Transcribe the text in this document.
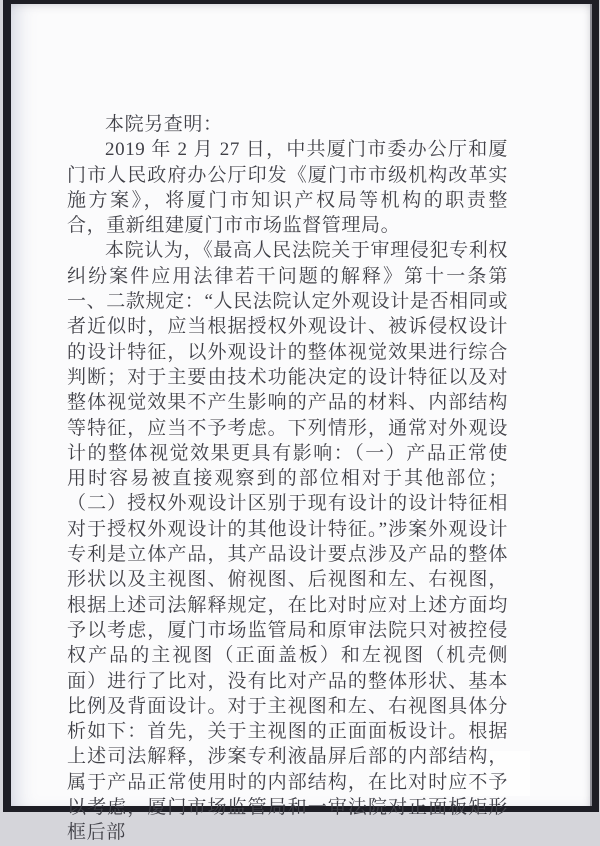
本院另查明：

2019 年 2 月 27 日，中共厦门市委办公厅和厦门市人民政府办公厅印发《厦门市市级机构改革实施方案》，将厦门市知识产权局等机构的职责整合，重新组建厦门市市场监督管理局。

本院认为，《最高人民法院关于审理侵犯专利权纠纷案件应用法律若干问题的解释》第十一条第一、二款规定：“人民法院认定外观设计是否相同或者近似时，应当根据授权外观设计、被诉侵权设计的设计特征，以外观设计的整体视觉效果进行综合判断；对于主要由技术功能决定的设计特征以及对整体视觉效果不产生影响的产品的材料、内部结构等特征，应当不予考虑。下列情形，通常对外观设计的整体视觉效果更具有影响：（一）产品正常使用时容易被直接观察到的部位相对于其他部位；（二）授权外观设计区别于现有设计的设计特征相对于授权外观设计的其他设计特征。”涉案外观设计专利是立体产品，其产品设计要点涉及产品的整体形状以及主视图、俯视图、后视图和左、右视图，根据上述司法解释规定，在比对时应对上述方面均予以考虑，厦门市场监管局和原审法院只对被控侵权产品的主视图（正面盖板）和左视图（机壳侧面）进行了比对，没有比对产品的整体形状、基本比例及背面设计。对于主视图和左、右视图具体分析如下：首先，关于主视图的正面面板设计。根据上述司法解释，涉案专利液晶屏后部的内部结构，属于产品正常使用时的内部结构，在比对时应不予以考虑，厦门市场监管局和一审法院对正面板矩形框后部
